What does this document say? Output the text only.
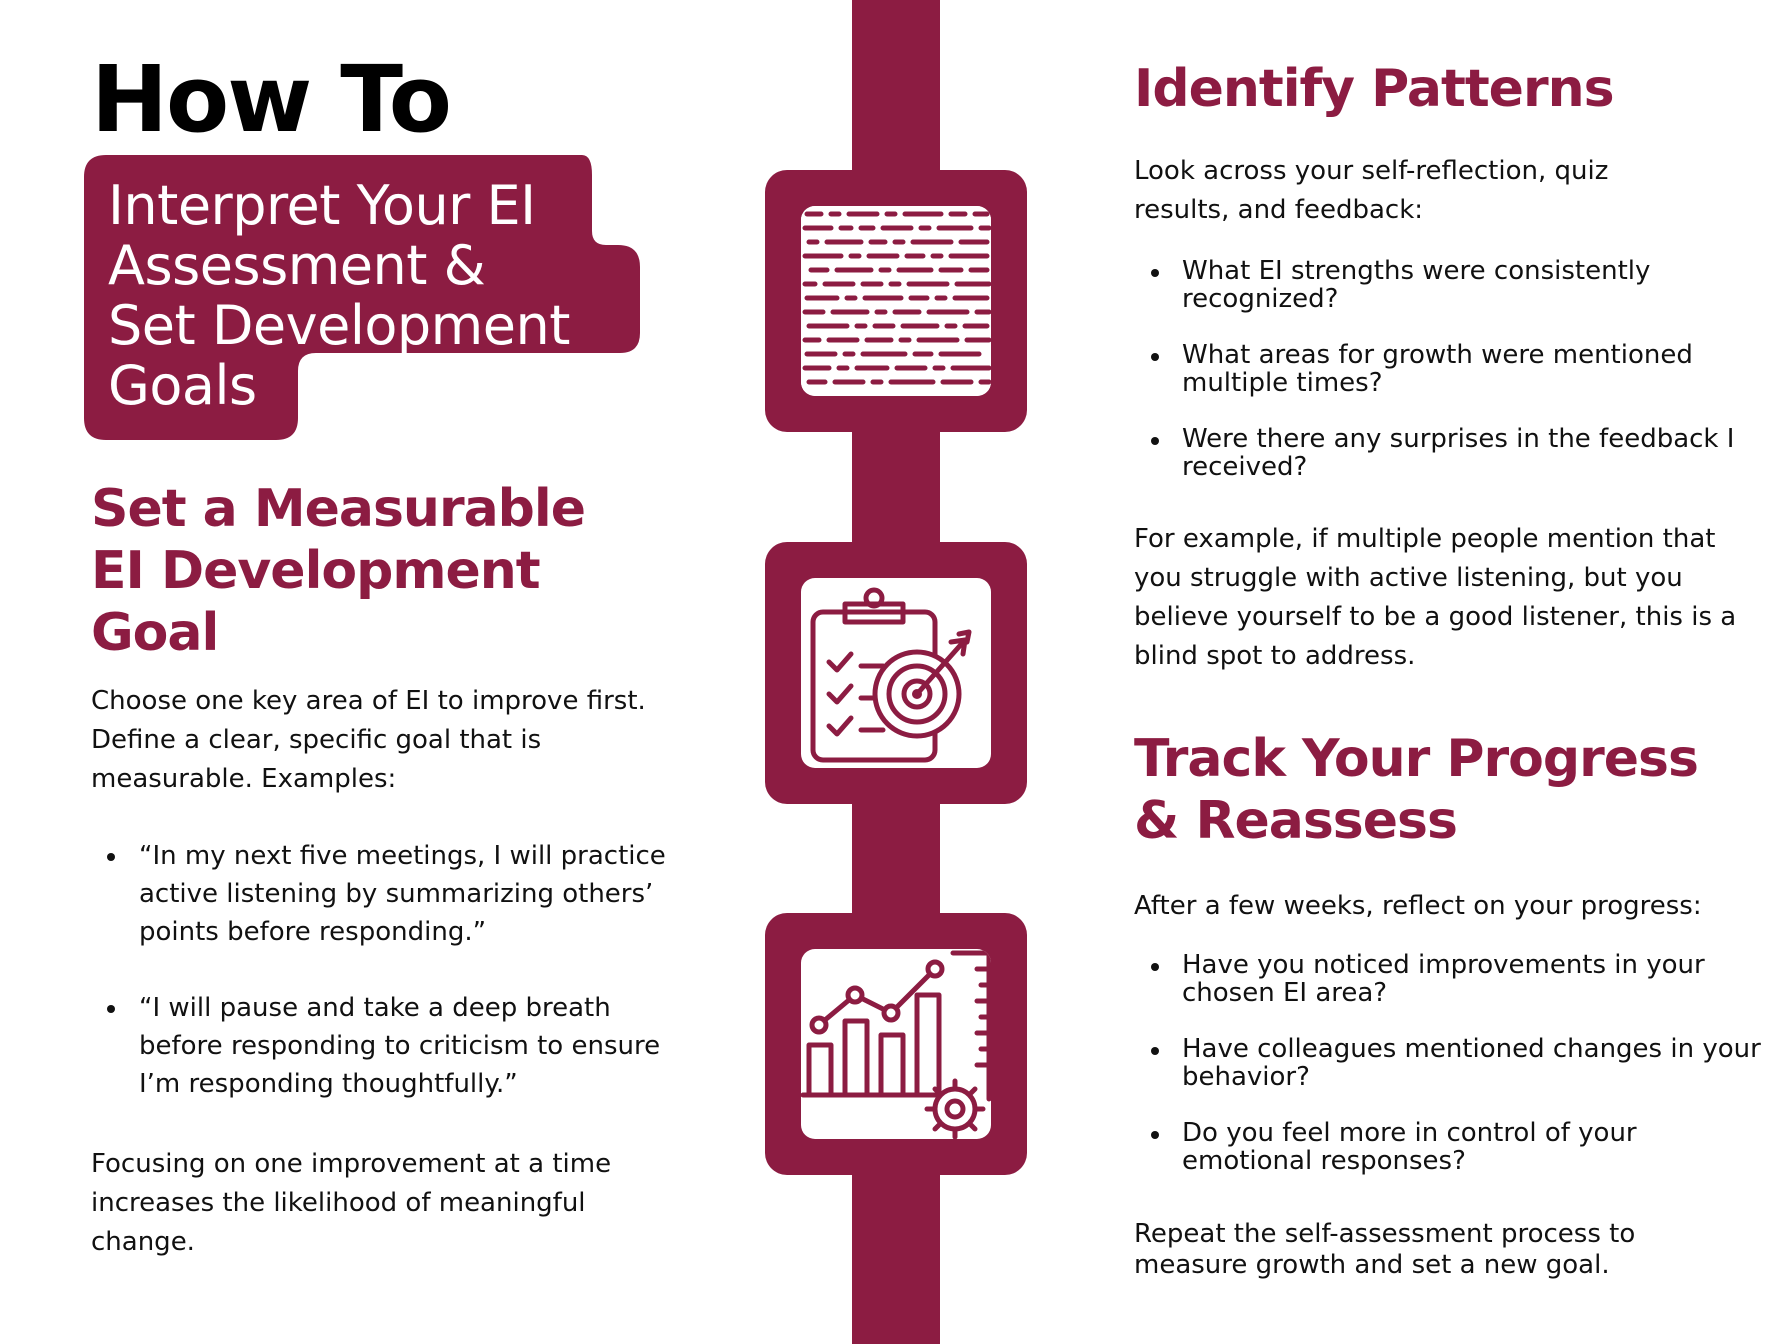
How To
Interpret Your EI
Assessment &
Set Development
Goals
Set a Measurable
EI Development
Goal

Choose one key area of EI to improve first. Define a clear, specific goal that is measurable. Examples:

“In my next five meetings, I will practice active listening by summarizing others’ points before responding.”
“I will pause and take a deep breath before responding to criticism to ensure I’m responding thoughtfully.”

Focusing on one improvement at a time increases the likelihood of meaningful change.

Identify Patterns

Look across your self-reflection, quiz results, and feedback:

What EI strengths were consistently recognized?
What areas for growth were mentioned multiple times?
Were there any surprises in the feedback I received?

For example, if multiple people mention that you struggle with active listening, but you believe yourself to be a good listener, this is a blind spot to address.

Track Your Progress
& Reassess

After a few weeks, reflect on your progress:

Have you noticed improvements in your chosen EI area?
Have colleagues mentioned changes in your behavior?
Do you feel more in control of your emotional responses?

Repeat the self-assessment process to measure growth and set a new goal.
